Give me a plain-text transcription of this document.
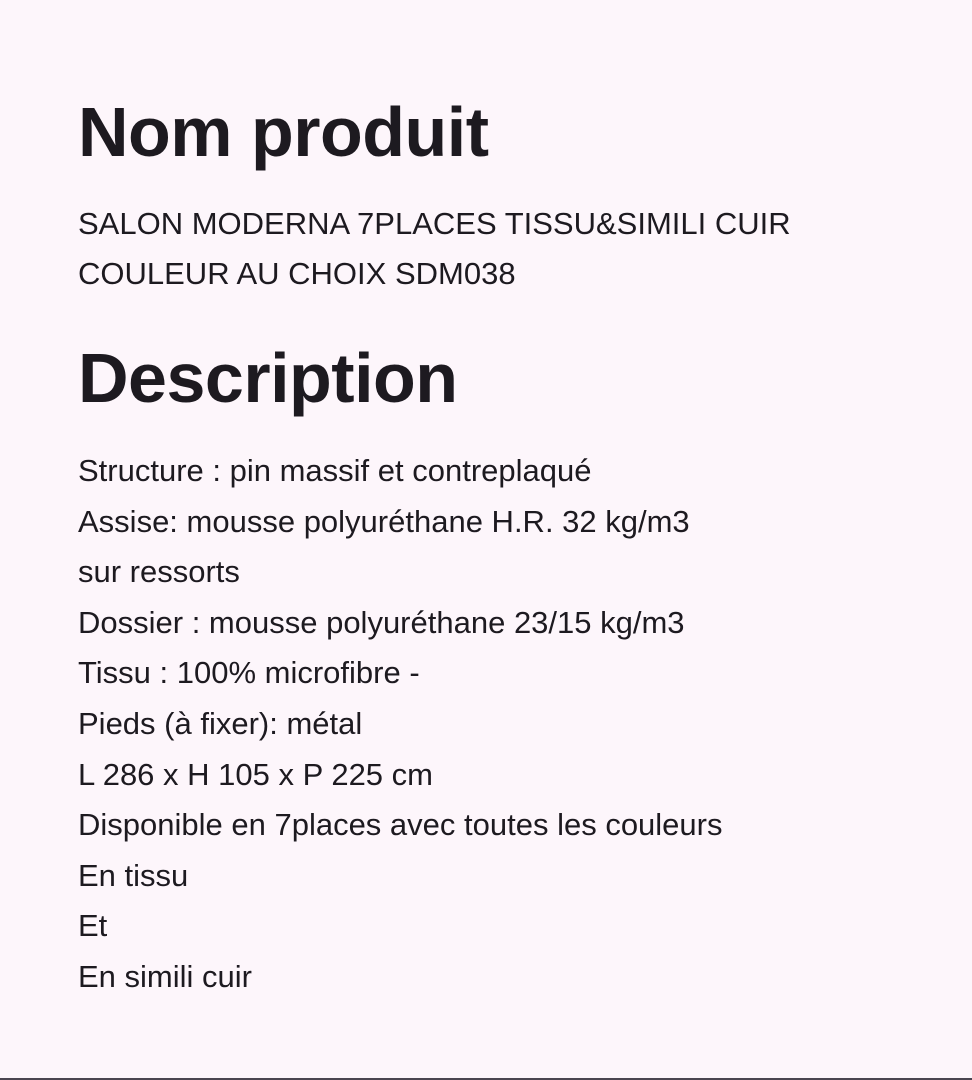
Nom produit

SALON MODERNA 7PLACES TISSU&SIMILI CUIR
COULEUR AU CHOIX SDM038

Description

Structure : pin massif et contreplaqué
Assise: mousse polyuréthane H.R. 32 kg/m3
sur ressorts
Dossier : mousse polyuréthane 23/15 kg/m3
Tissu : 100% microfibre -
Pieds (à fixer): métal
L 286 x H 105 x P 225 cm
Disponible en 7places avec toutes les couleurs
En tissu
Et
En simili cuir
